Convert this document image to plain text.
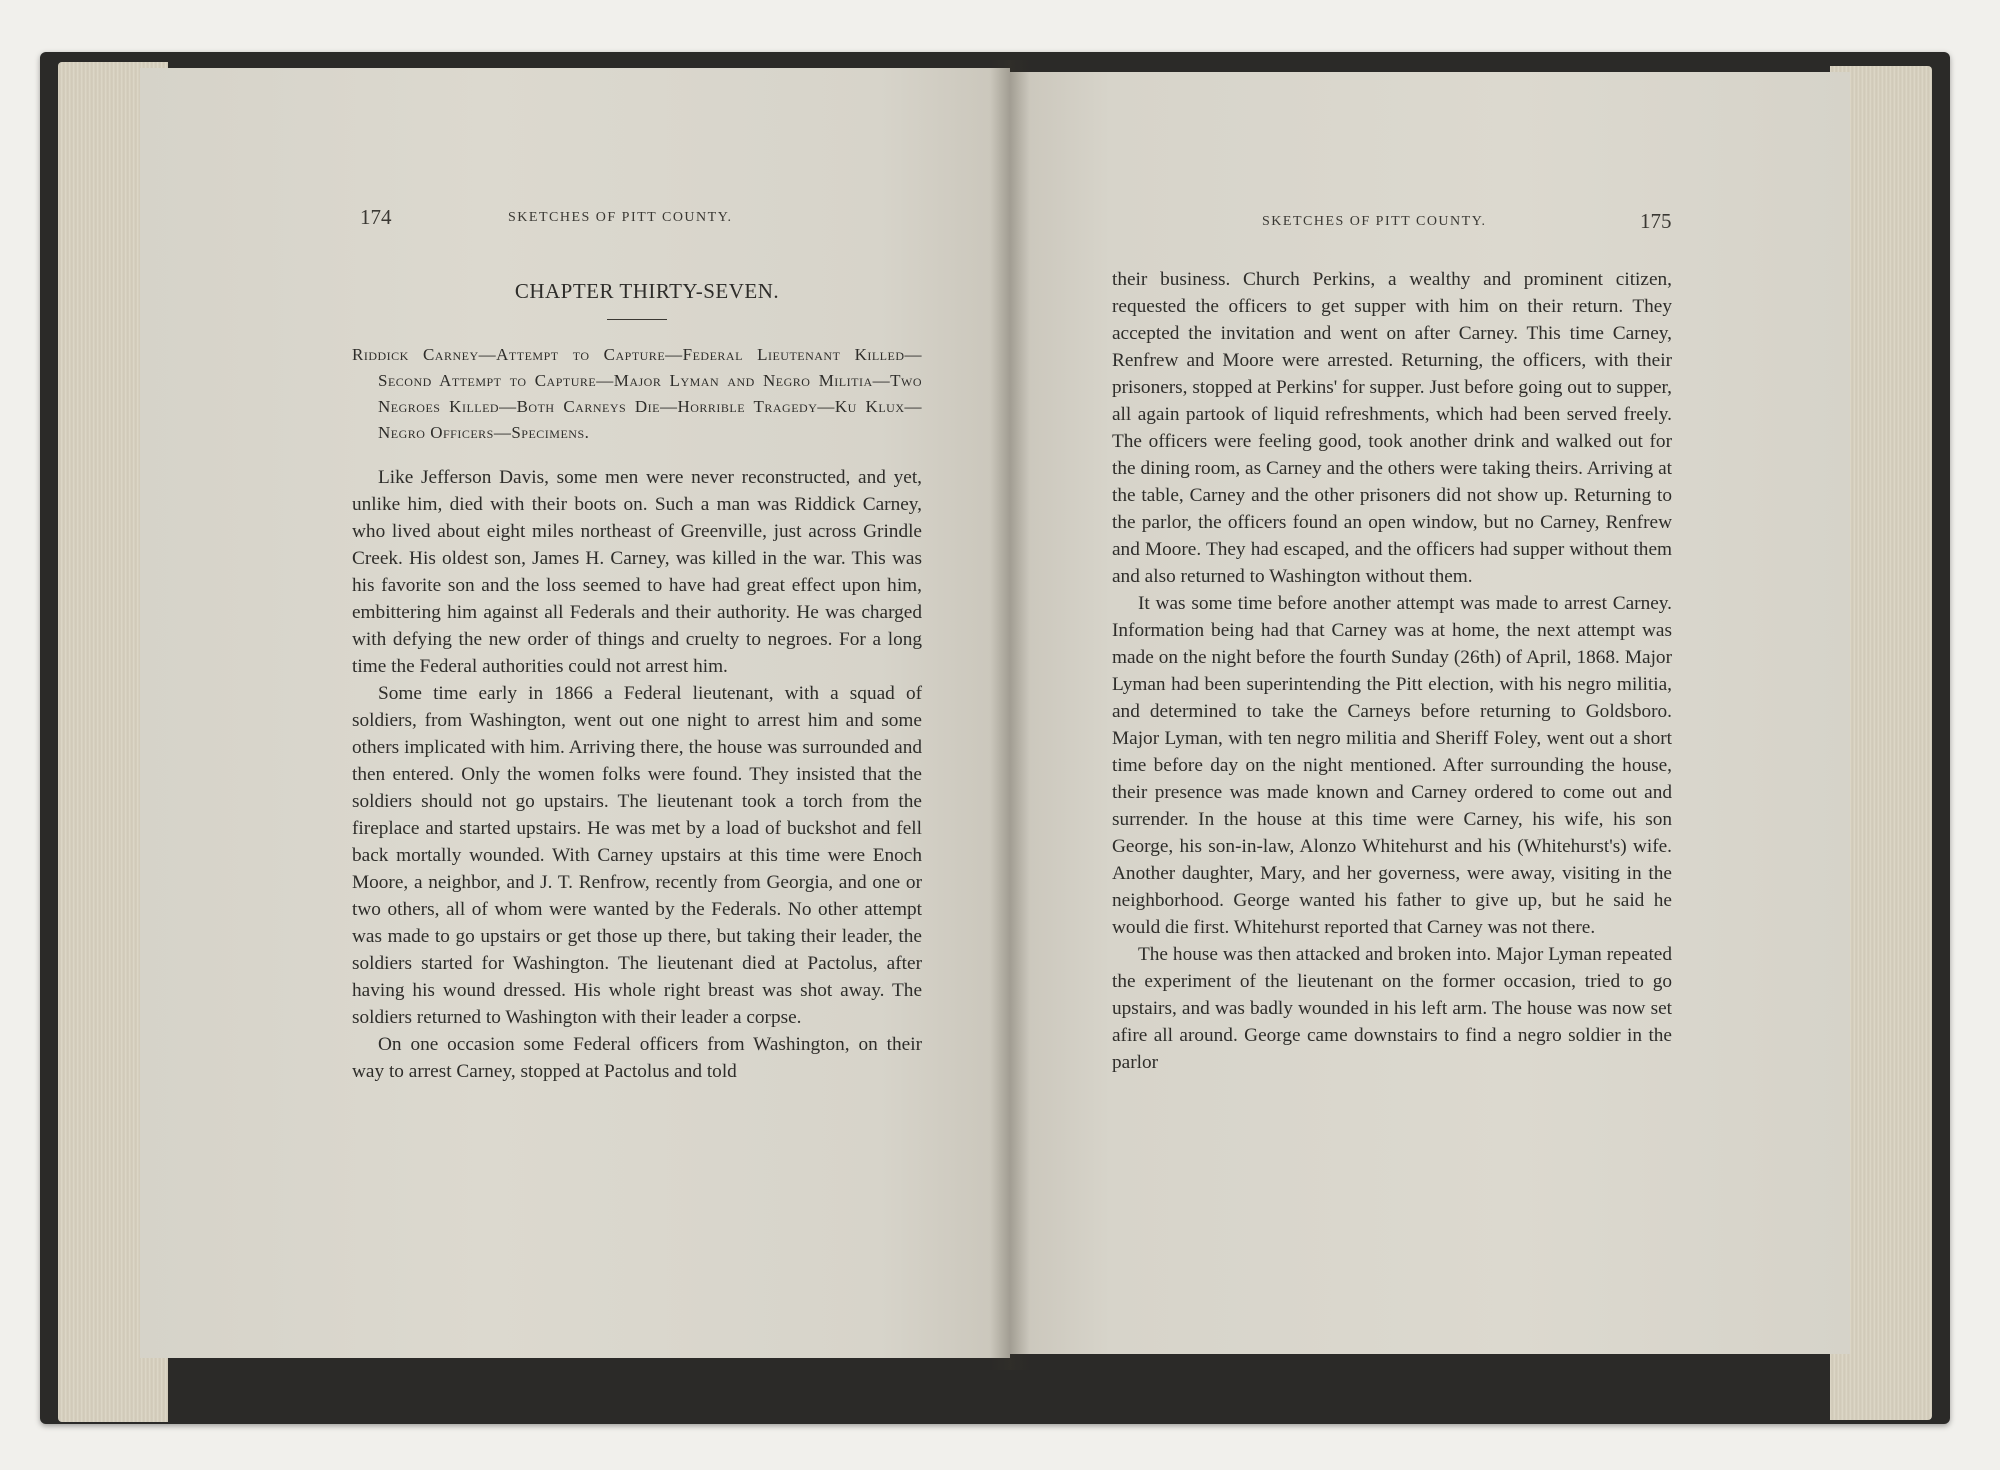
174	SKETCHES OF PITT COUNTY.
CHAPTER THIRTY-SEVEN.
Riddick Carney—Attempt to Capture—Federal Lieutenant Killed—Second Attempt to Capture—Major Lyman and Negro Militia—Two Negroes Killed—Both Carneys Die—Horrible Tragedy—Ku Klux—Negro Officers—Specimens.

Like Jefferson Davis, some men were never reconstructed, and yet, unlike him, died with their boots on. Such a man was Riddick Carney, who lived about eight miles northeast of Greenville, just across Grindle Creek. His oldest son, James H. Carney, was killed in the war. This was his favorite son and the loss seemed to have had great effect upon him, embittering him against all Federals and their authority. He was charged with defying the new order of things and cruelty to negroes. For a long time the Federal authorities could not arrest him.

Some time early in 1866 a Federal lieutenant, with a squad of soldiers, from Washington, went out one night to arrest him and some others implicated with him. Arriving there, the house was surrounded and then entered. Only the women folks were found. They insisted that the soldiers should not go upstairs. The lieutenant took a torch from the fireplace and started upstairs. He was met by a load of buckshot and fell back mortally wounded. With Carney upstairs at this time were Enoch Moore, a neighbor, and J. T. Renfrow, recently from Georgia, and one or two others, all of whom were wanted by the Federals. No other attempt was made to go upstairs or get those up there, but taking their leader, the soldiers started for Washington. The lieutenant died at Pactolus, after having his wound dressed. His whole right breast was shot away. The soldiers returned to Washington with their leader a corpse.

On one occasion some Federal officers from Washington, on their way to arrest Carney, stopped at Pactolus and told

SKETCHES OF PITT COUNTY.	175

their business. Church Perkins, a wealthy and prominent citizen, requested the officers to get supper with him on their return. They accepted the invitation and went on after Carney. This time Carney, Renfrew and Moore were arrested. Returning, the officers, with their prisoners, stopped at Perkins' for supper. Just before going out to supper, all again partook of liquid refreshments, which had been served freely. The officers were feeling good, took another drink and walked out for the dining room, as Carney and the others were taking theirs. Arriving at the table, Carney and the other prisoners did not show up. Returning to the parlor, the officers found an open window, but no Carney, Renfrew and Moore. They had escaped, and the officers had supper without them and also returned to Washington without them.

It was some time before another attempt was made to arrest Carney. Information being had that Carney was at home, the next attempt was made on the night before the fourth Sunday (26th) of April, 1868. Major Lyman had been superintending the Pitt election, with his negro militia, and determined to take the Carneys before returning to Goldsboro. Major Lyman, with ten negro militia and Sheriff Foley, went out a short time before day on the night mentioned. After surrounding the house, their presence was made known and Carney ordered to come out and surrender. In the house at this time were Carney, his wife, his son George, his son-in-law, Alonzo Whitehurst and his (Whitehurst's) wife. Another daughter, Mary, and her governess, were away, visiting in the neighborhood. George wanted his father to give up, but he said he would die first. Whitehurst reported that Carney was not there.

The house was then attacked and broken into. Major Lyman repeated the experiment of the lieutenant on the former occasion, tried to go upstairs, and was badly wounded in his left arm. The house was now set afire all around. George came downstairs to find a negro soldier in the parlor
